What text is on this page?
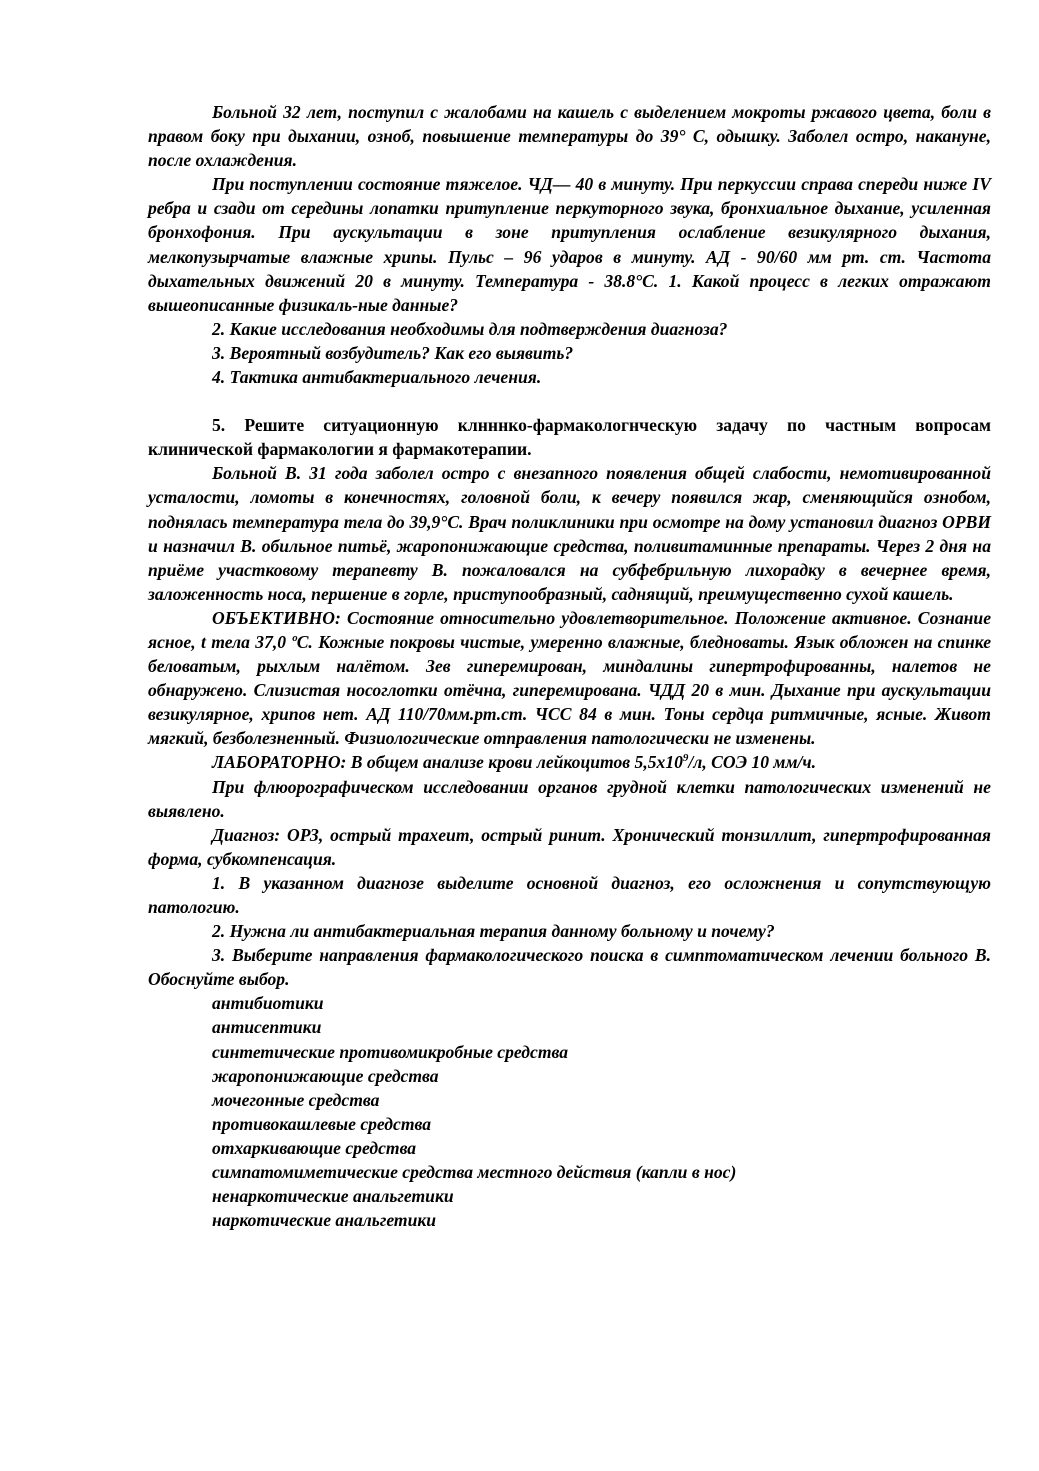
Больной 32 лет, поступил с жалобами на кашель с выделением мокроты ржавого цвета, боли в правом боку при дыхании, озноб, повышение температуры до 39° С, одышку. Заболел остро, накануне, после охлаждения.

При поступлении состояние тяжелое. ЧД— 40 в минуту. При перкуссии справа спереди ниже IV ребра и сзади от середины лопатки притупление перкуторного звука, бронхиальное дыхание, усиленная бронхофония. При аускультации в зоне притупления ослабление везикулярного дыхания, мелкопузырчатые влажные хрипы. Пульс – 96 ударов в минуту. АД - 90/60 мм рт. ст. Частота дыхательных движений 20 в минуту. Температура - 38.8°С. 1. Какой процесс в легких отражают вышеописанные физикаль-ные данные?

2. Какие исследования необходимы для подтверждения диагноза?

3. Вероятный возбудитель? Как его выявить?

4. Тактика антибактериального лечения.

5. Решите ситуационную клнннко-фармакологнческую задачу по частным вопросам клинической фармакологии я фармакотерапии.

Больной В. 31 года заболел остро с внезапного появления общей слабости, немотивированной усталости, ломоты в конечностях, головной боли, к вечеру появился жар, сменяющийся ознобом, поднялась температура тела до 39,9°С. Врач поликлиники при осмотре на дому установил диагноз ОРВИ и назначил В. обильное питьё, жаропонижающие средства, поливитаминные препараты. Через 2 дня на приёме участковому терапевту В. пожаловался на субфебрильную лихорадку в вечернее время, заложенность носа, першение в горле, приступообразный, саднящий, преимущественно сухой кашель.

ОБЪЕКТИВНО: Состояние относительно удовлетворительное. Положение активное. Сознание ясное, t тела 37,0 ºС. Кожные покровы чистые, умеренно влажные, бледноваты. Язык обложен на спинке беловатым, рыхлым налётом. Зев гиперемирован, миндалины гипертрофированны, налетов не обнаружено. Слизистая носоглотки отёчна, гиперемирована. ЧДД 20 в мин. Дыхание при аускультации везикулярное, хрипов нет. АД 110/70мм.рт.ст. ЧСС 84 в мин. Тоны сердца ритмичные, ясные. Живот мягкий, безболезненный. Физиологические отправления патологически не изменены.

ЛАБОРАТОРНО: В общем анализе крови лейкоцитов $5,5х10^9/л$, СОЭ 10 мм/ч.

При флюорографическом исследовании органов грудной клетки патологических изменений не выявлено.

Диагноз: ОРЗ, острый трахеит, острый ринит. Хронический тонзиллит, гипертрофированная форма, субкомпенсация.

1. В указанном диагнозе выделите основной диагноз, его осложнения и сопутствующую патологию.

2. Нужна ли антибактериальная терапия данному больному и почему?

3. Выберите направления фармакологического поиска в симптоматическом лечении больного В. Обоснуйте выбор.

антибиотики
антисептики
синтетические противомикробные средства
жаропонижающие средства
мочегонные средства
противокашлевые средства
отхаркивающие средства
симпатомиметические средства местного действия (капли в нос)
ненаркотические анальгетики
наркотические анальгетики
